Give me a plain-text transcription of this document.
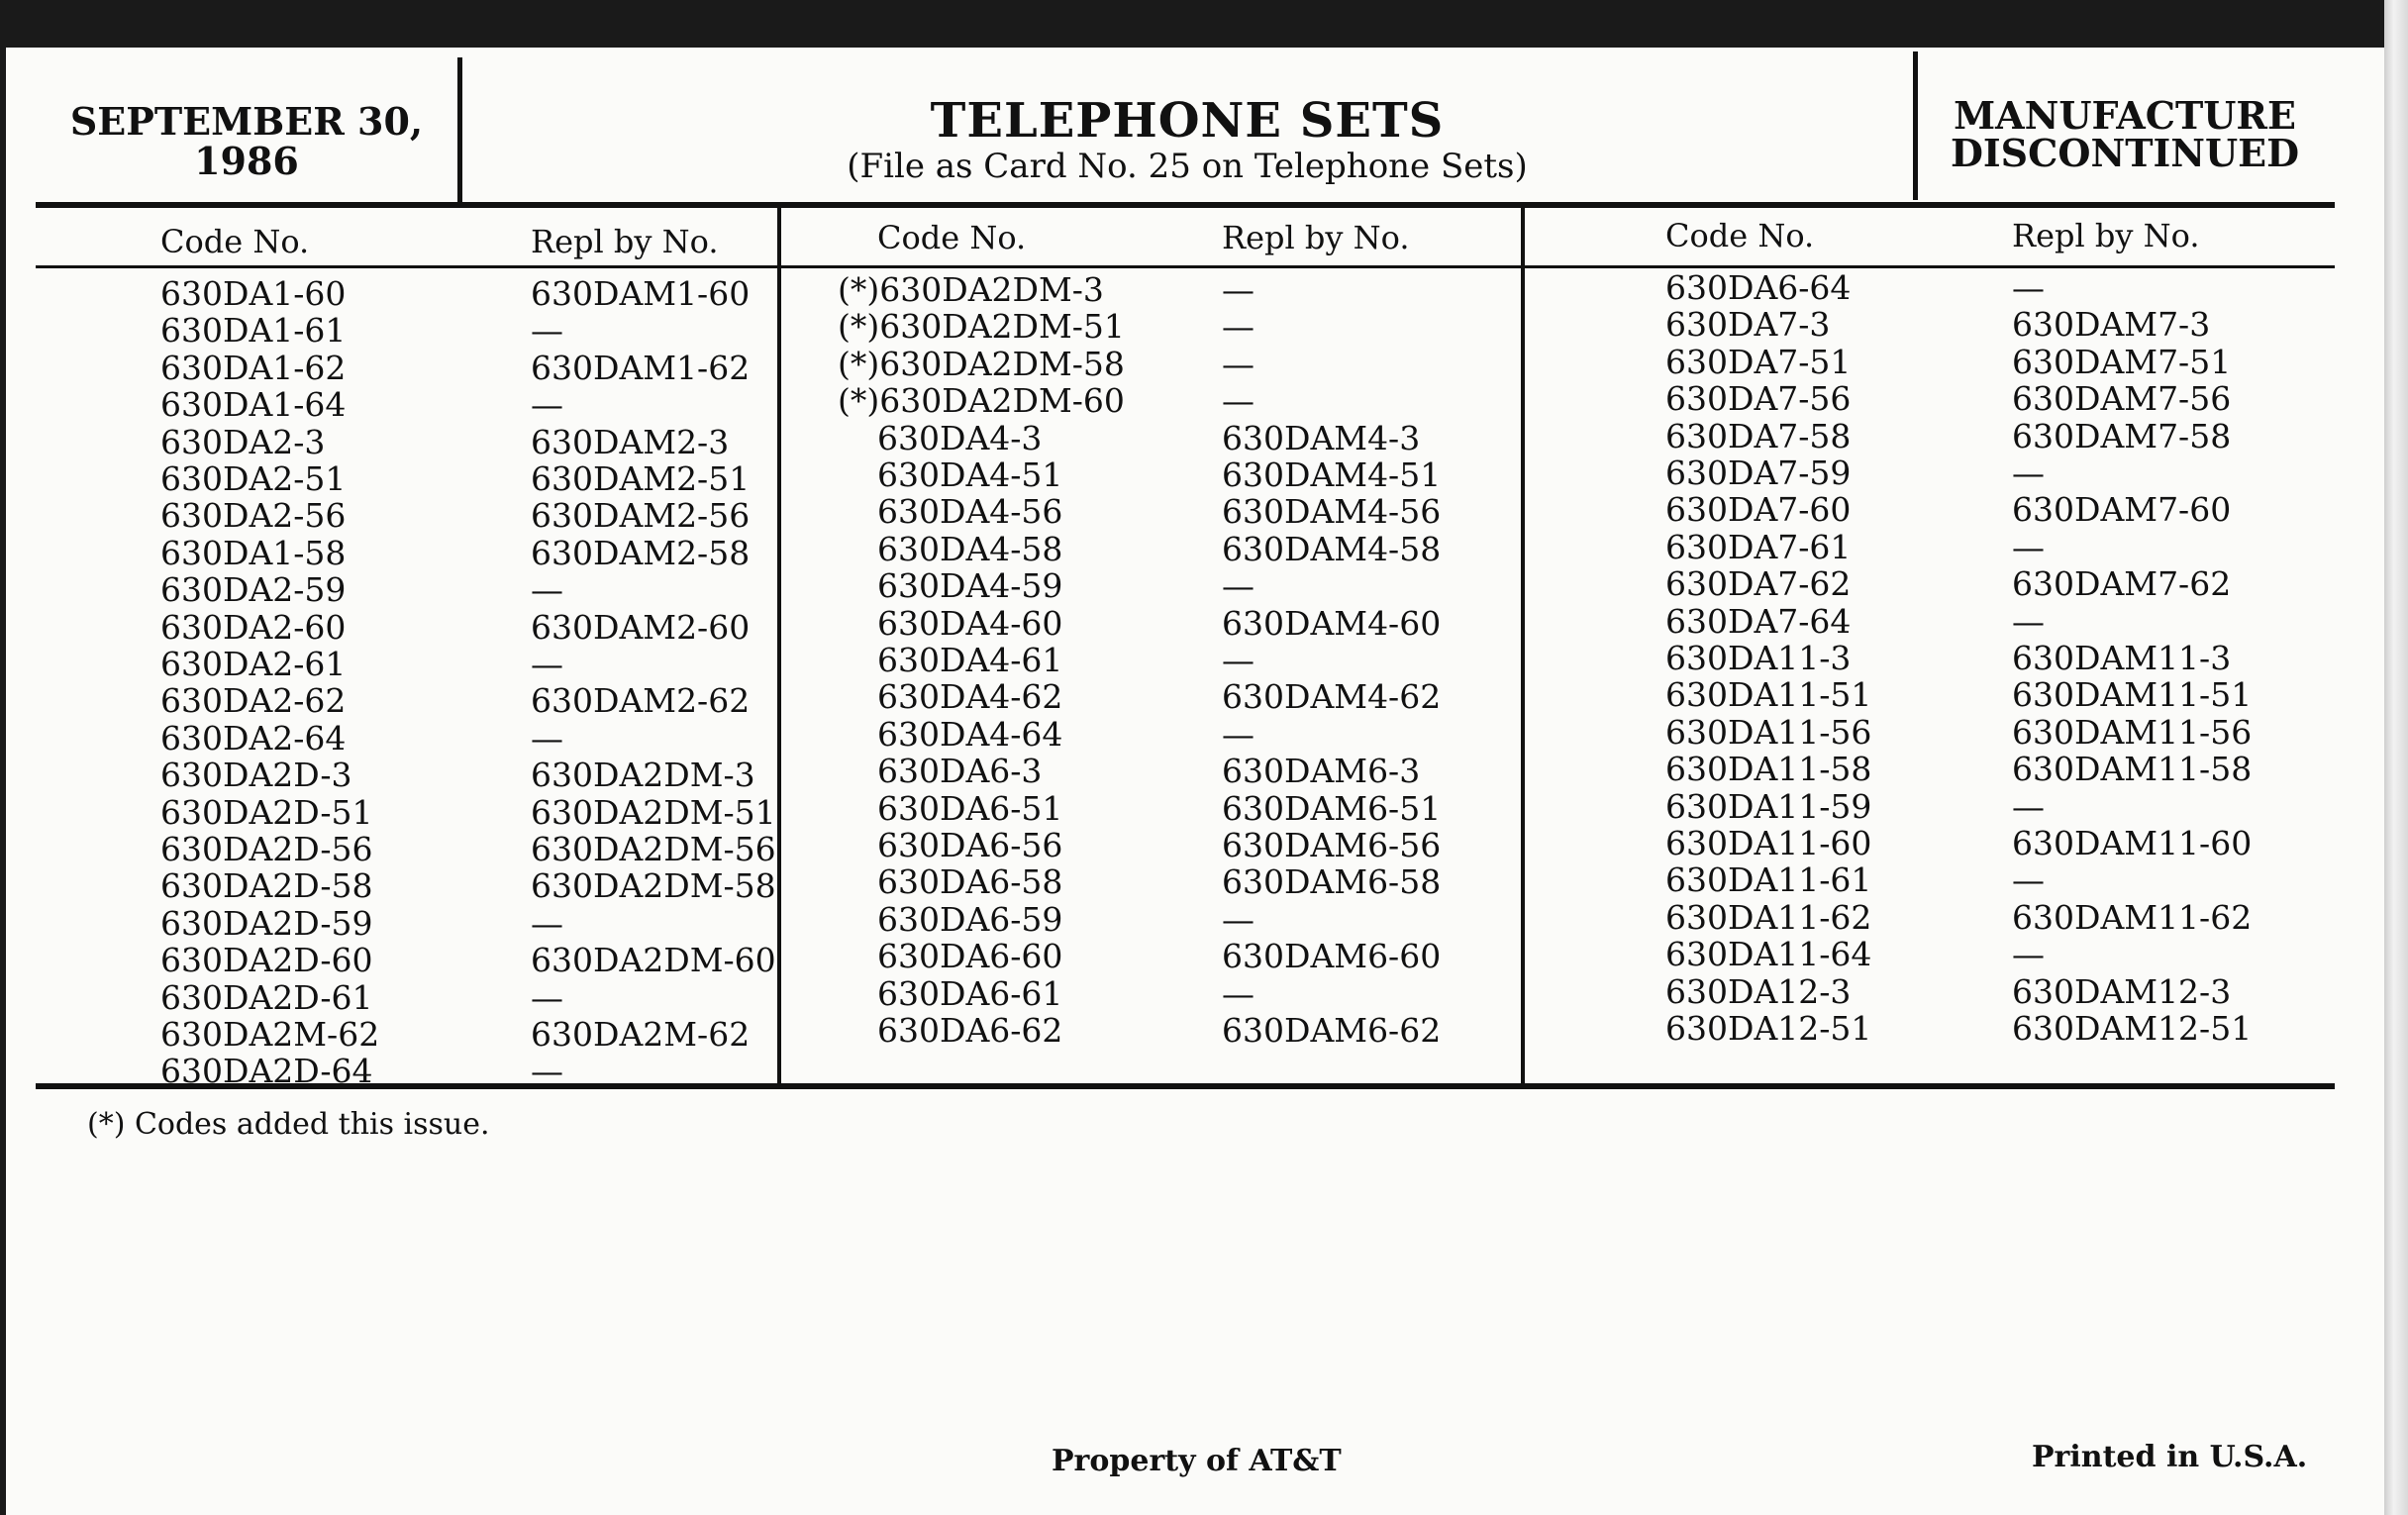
SEPTEMBER 30,
1986
TELEPHONE SETS
(File as Card No. 25 on Telephone Sets)
MANUFACTURE
DISCONTINUED
Code No.	Repl by No.	Code No.	Repl by No.	Code No.	Repl by No.
630DA1-60	630DAM1-60
630DA1-61	—
630DA1-62	630DAM1-62
630DA1-64	—
630DA2-3	630DAM2-3
630DA2-51	630DAM2-51
630DA2-56	630DAM2-56
630DA1-58	630DAM2-58
630DA2-59	—
630DA2-60	630DAM2-60
630DA2-61	—
630DA2-62	630DAM2-62
630DA2-64	—
630DA2D-3	630DA2DM-3
630DA2D-51	630DA2DM-51
630DA2D-56	630DA2DM-56
630DA2D-58	630DA2DM-58
630DA2D-59	—
630DA2D-60	630DA2DM-60
630DA2D-61	—
630DA2M-62	630DA2M-62
630DA2D-64	—
(*)630DA2DM-3	—
(*)630DA2DM-51	—
(*)630DA2DM-58	—
(*)630DA2DM-60	—
630DA4-3	630DAM4-3
630DA4-51	630DAM4-51
630DA4-56	630DAM4-56
630DA4-58	630DAM4-58
630DA4-59	—
630DA4-60	630DAM4-60
630DA4-61	—
630DA4-62	630DAM4-62
630DA4-64	—
630DA6-3	630DAM6-3
630DA6-51	630DAM6-51
630DA6-56	630DAM6-56
630DA6-58	630DAM6-58
630DA6-59	—
630DA6-60	630DAM6-60
630DA6-61	—
630DA6-62	630DAM6-62
630DA6-64	—
630DA7-3	630DAM7-3
630DA7-51	630DAM7-51
630DA7-56	630DAM7-56
630DA7-58	630DAM7-58
630DA7-59	—
630DA7-60	630DAM7-60
630DA7-61	—
630DA7-62	630DAM7-62
630DA7-64	—
630DA11-3	630DAM11-3
630DA11-51	630DAM11-51
630DA11-56	630DAM11-56
630DA11-58	630DAM11-58
630DA11-59	—
630DA11-60	630DAM11-60
630DA11-61	—
630DA11-62	630DAM11-62
630DA11-64	—
630DA12-3	630DAM12-3
630DA12-51	630DAM12-51
(*) Codes added this issue.
Property of AT&T	Printed in U.S.A.
